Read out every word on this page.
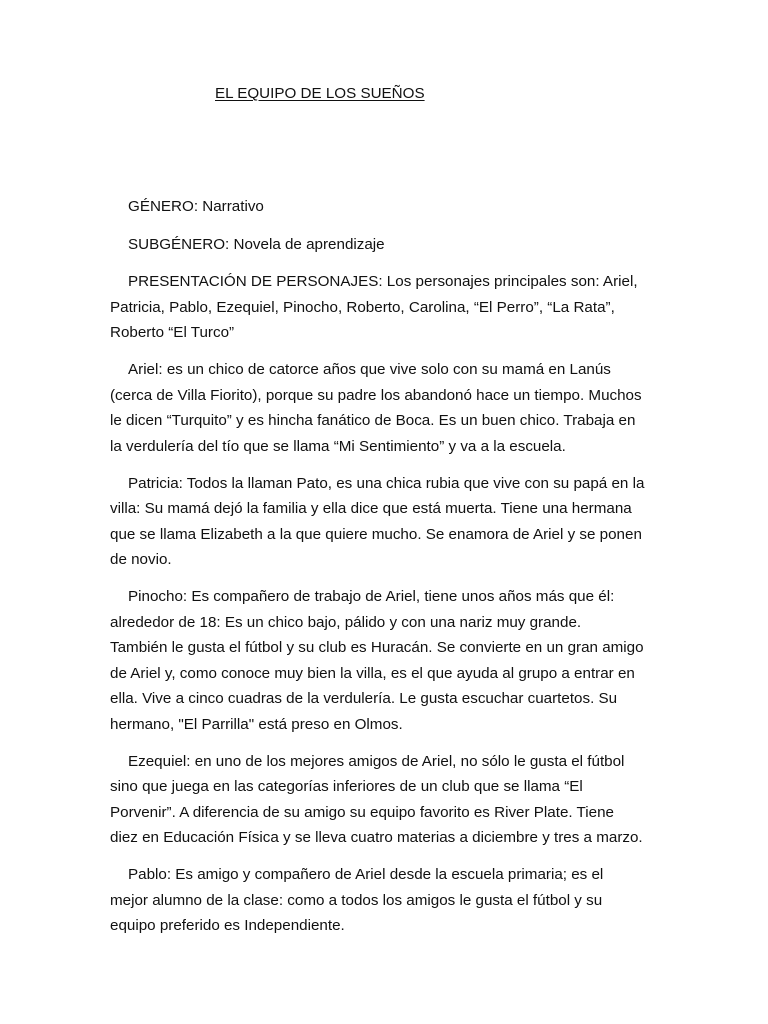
EL EQUIPO DE LOS SUEÑOS

GÉNERO: Narrativo

SUBGÉNERO: Novela de aprendizaje

PRESENTACIÓN DE PERSONAJES: Los personajes principales son: Ariel,
Patricia, Pablo, Ezequiel, Pinocho, Roberto, Carolina, “El Perro”, “La Rata”,
Roberto “El Turco”

Ariel: es un chico de catorce años que vive solo con su mamá en Lanús
(cerca de Villa Fiorito), porque su padre los abandonó hace un tiempo. Muchos
le dicen “Turquito” y es hincha fanático de Boca. Es un buen chico. Trabaja en
la verdulería del tío que se llama “Mi Sentimiento” y va a la escuela.

Patricia: Todos la llaman Pato, es una chica rubia que vive con su papá en la
villa: Su mamá dejó la familia y ella dice que está muerta. Tiene una hermana
que se llama Elizabeth a la que quiere mucho. Se enamora de Ariel y se ponen
de novio.

Pinocho: Es compañero de trabajo de Ariel, tiene unos años más que él:
alrededor de 18: Es un chico bajo, pálido y con una nariz muy grande.
También le gusta el fútbol y su club es Huracán. Se convierte en un gran amigo
de Ariel y, como conoce muy bien la villa, es el que ayuda al grupo a entrar en
ella. Vive a cinco cuadras de la verdulería. Le gusta escuchar cuartetos. Su
hermano, "El Parrilla" está preso en Olmos.

Ezequiel: en uno de los mejores amigos de Ariel, no sólo le gusta el fútbol
sino que juega en las categorías inferiores de un club que se llama “El
Porvenir”. A diferencia de su amigo su equipo favorito es River Plate. Tiene
diez en Educación Física y se lleva cuatro materias a diciembre y tres a marzo.

Pablo: Es amigo y compañero de Ariel desde la escuela primaria; es el
mejor alumno de la clase: como a todos los amigos le gusta el fútbol y su
equipo preferido es Independiente.
